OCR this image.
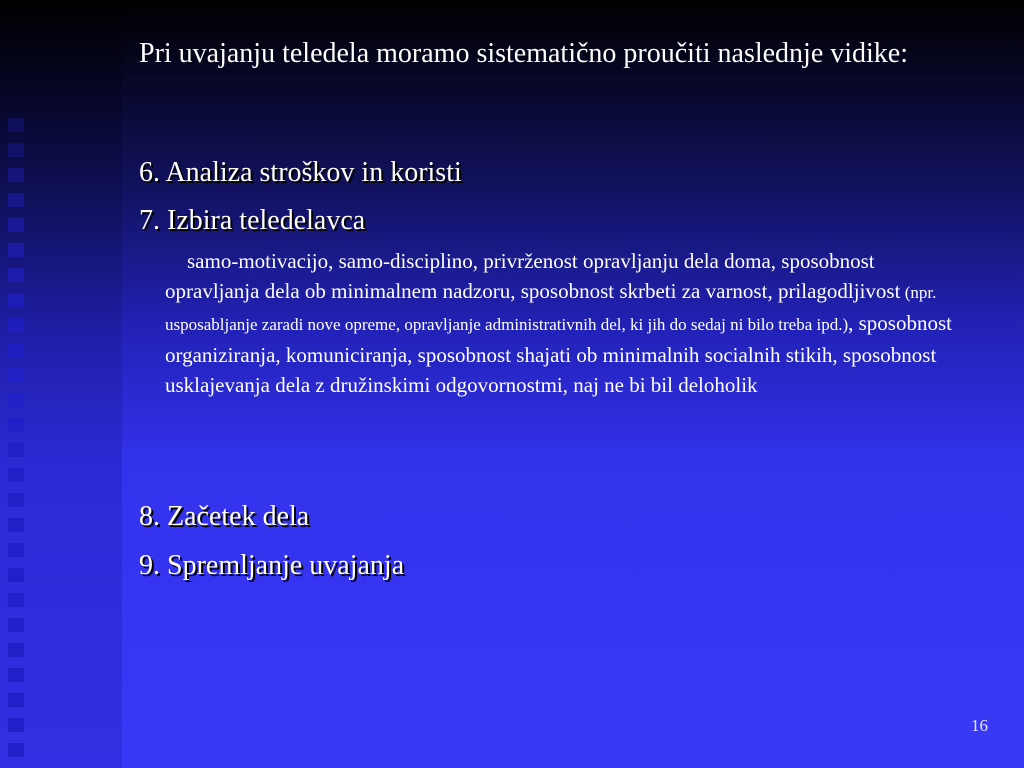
Pri uvajanju teledela moramo sistematično proučiti naslednje vidike:

6. Analiza stroškov in koristi

7. Izbira teledelavca

samo-motivacijo, samo-disciplino, privrženost opravljanju dela doma, sposobnost opravljanja dela ob minimalnem nadzoru, sposobnost skrbeti za varnost, prilagodljivost (npr. usposabljanje zaradi nove opreme, opravljanje administrativnih del, ki jih do sedaj ni bilo treba ipd.), sposobnost organiziranja, komuniciranja, sposobnost shajati ob minimalnih socialnih stikih, sposobnost usklajevanja dela z družinskimi odgovornostmi, naj ne bi bil deloholik

8. Začetek dela

9. Spremljanje uvajanja

16
